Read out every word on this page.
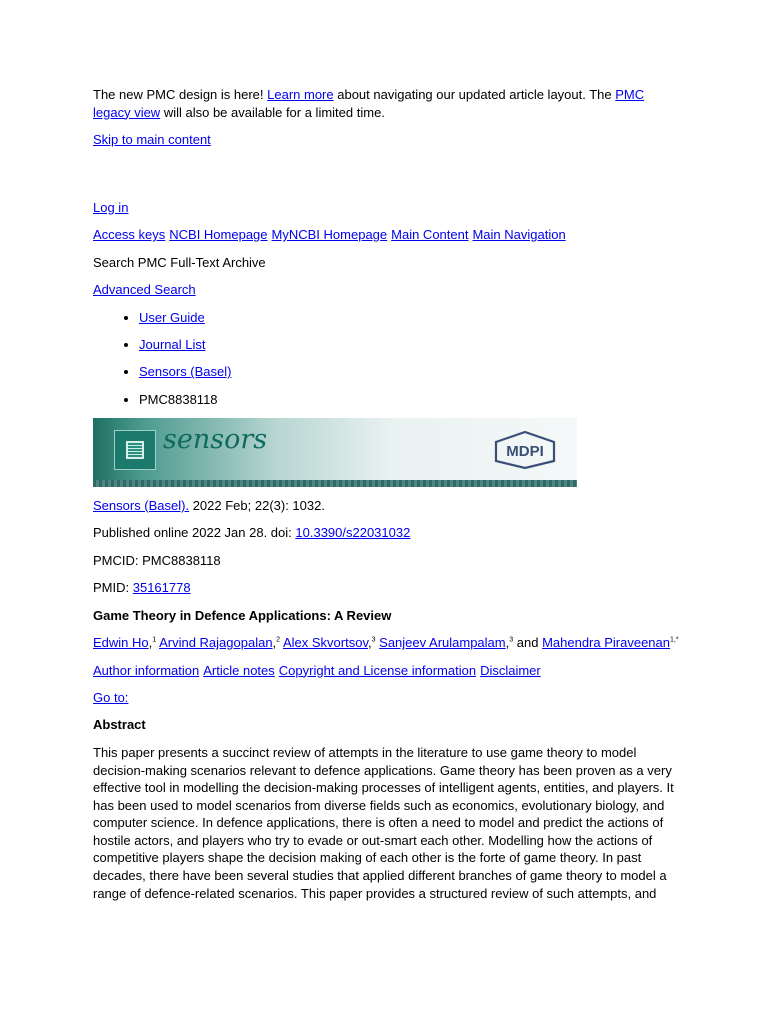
The new PMC design is here! Learn more about navigating our updated article layout. The PMC legacy view will also be available for a limited time.

Skip to main content

Log in

Access keys NCBI Homepage MyNCBI Homepage Main Content Main Navigation

Search PMC Full-Text Archive

Advanced Search

• User Guide
• Journal List
• Sensors (Basel)
• PMC8838118
sensors	MDPI

Sensors (Basel). 2022 Feb; 22(3): 1032.

Published online 2022 Jan 28. doi: 10.3390/s22031032

PMCID: PMC8838118

PMID: 35161778

Game Theory in Defence Applications: A Review

Edwin Ho,$^1$ Arvind Rajagopalan,$^2$ Alex Skvortsov,$^3$ Sanjeev Arulampalam,$^3$ and Mahendra Piraveenan$^{1,*}$

Author information Article notes Copyright and License information Disclaimer

Go to:

Abstract

This paper presents a succinct review of attempts in the literature to use game theory to model decision-making scenarios relevant to defence applications. Game theory has been proven as a very effective tool in modelling the decision-making processes of intelligent agents, entities, and players. It has been used to model scenarios from diverse fields such as economics, evolutionary biology, and computer science. In defence applications, there is often a need to model and predict the actions of hostile actors, and players who try to evade or out-smart each other. Modelling how the actions of competitive players shape the decision making of each other is the forte of game theory. In past decades, there have been several studies that applied different branches of game theory to model a range of defence-related scenarios. This paper provides a structured review of such attempts, and
